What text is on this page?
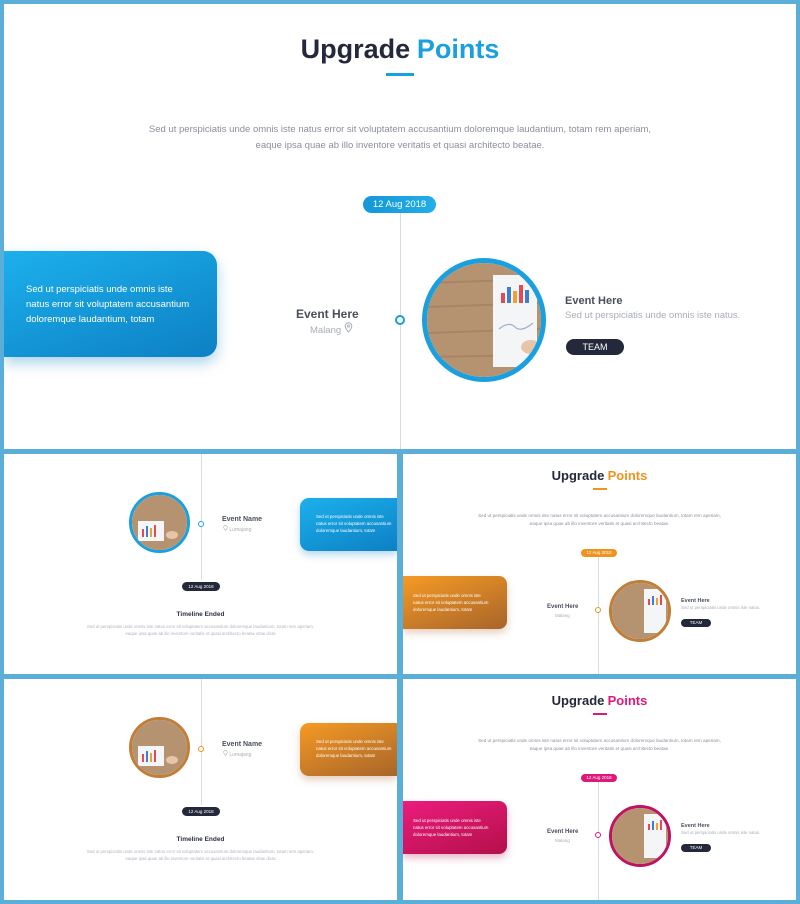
Upgrade Points
Sed ut perspiciatis unde omnis iste natus error sit voluptatem accusantium doloremque laudantium, totam rem aperiam,
eaque ipsa quae ab illo inventore veritatis et quasi architecto beatae.
12 Aug 2018
Sed ut perspiciatis unde omnis iste
natus error sit voluptatem accusantium
doloremque laudantium, totam	Event Here
Malang
Event Here
Sed ut perspiciatis unde omnis iste natus.
TEAM
Event Name
Lumajang
Sed ut perspiciatis unde omnis iste
natus error sit voluptatem accusantium
doloremque laudantium, totam
12 Aug 2018
Timeline Ended
Sed ut perspiciatis unde omnis iste natus error sit voluptatem accusantium doloremque laudantium, totam rem aperiam,
eaque ipsa quae ab illo inventore veritatis et quasi architecto beatae vitae dicta
Upgrade Points
Sed ut perspiciatis unde omnis iste natus error sit voluptatem accusantium doloremque laudantium, totam rem aperiam,
eaque ipsa quae ab illo inventore veritatis et quasi architecto beatae.
12 Aug 2018
Sed ut perspiciatis unde omnis iste
natus error sit voluptatem accusantium
doloremque laudantium, totam	Event Here
Malang
Event Here
Sed ut perspiciatis unde omnis iste natus.
TEAM
Event Name
Lumajang
Sed ut perspiciatis unde omnis iste
natus error sit voluptatem accusantium
doloremque laudantium, totam
12 Aug 2018
Timeline Ended
Sed ut perspiciatis unde omnis iste natus error sit voluptatem accusantium doloremque laudantium, totam rem aperiam,
eaque ipsa quae ab illo inventore veritatis et quasi architecto beatae vitae dicta
Upgrade Points
Sed ut perspiciatis unde omnis iste natus error sit voluptatem accusantium doloremque laudantium, totam rem aperiam,
eaque ipsa quae ab illo inventore veritatis et quasi architecto beatae.
12 Aug 2018
Sed ut perspiciatis unde omnis iste
natus error sit voluptatem accusantium
doloremque laudantium, totam	Event Here
Malang
Event Here
Sed ut perspiciatis unde omnis iste natus.
TEAM
